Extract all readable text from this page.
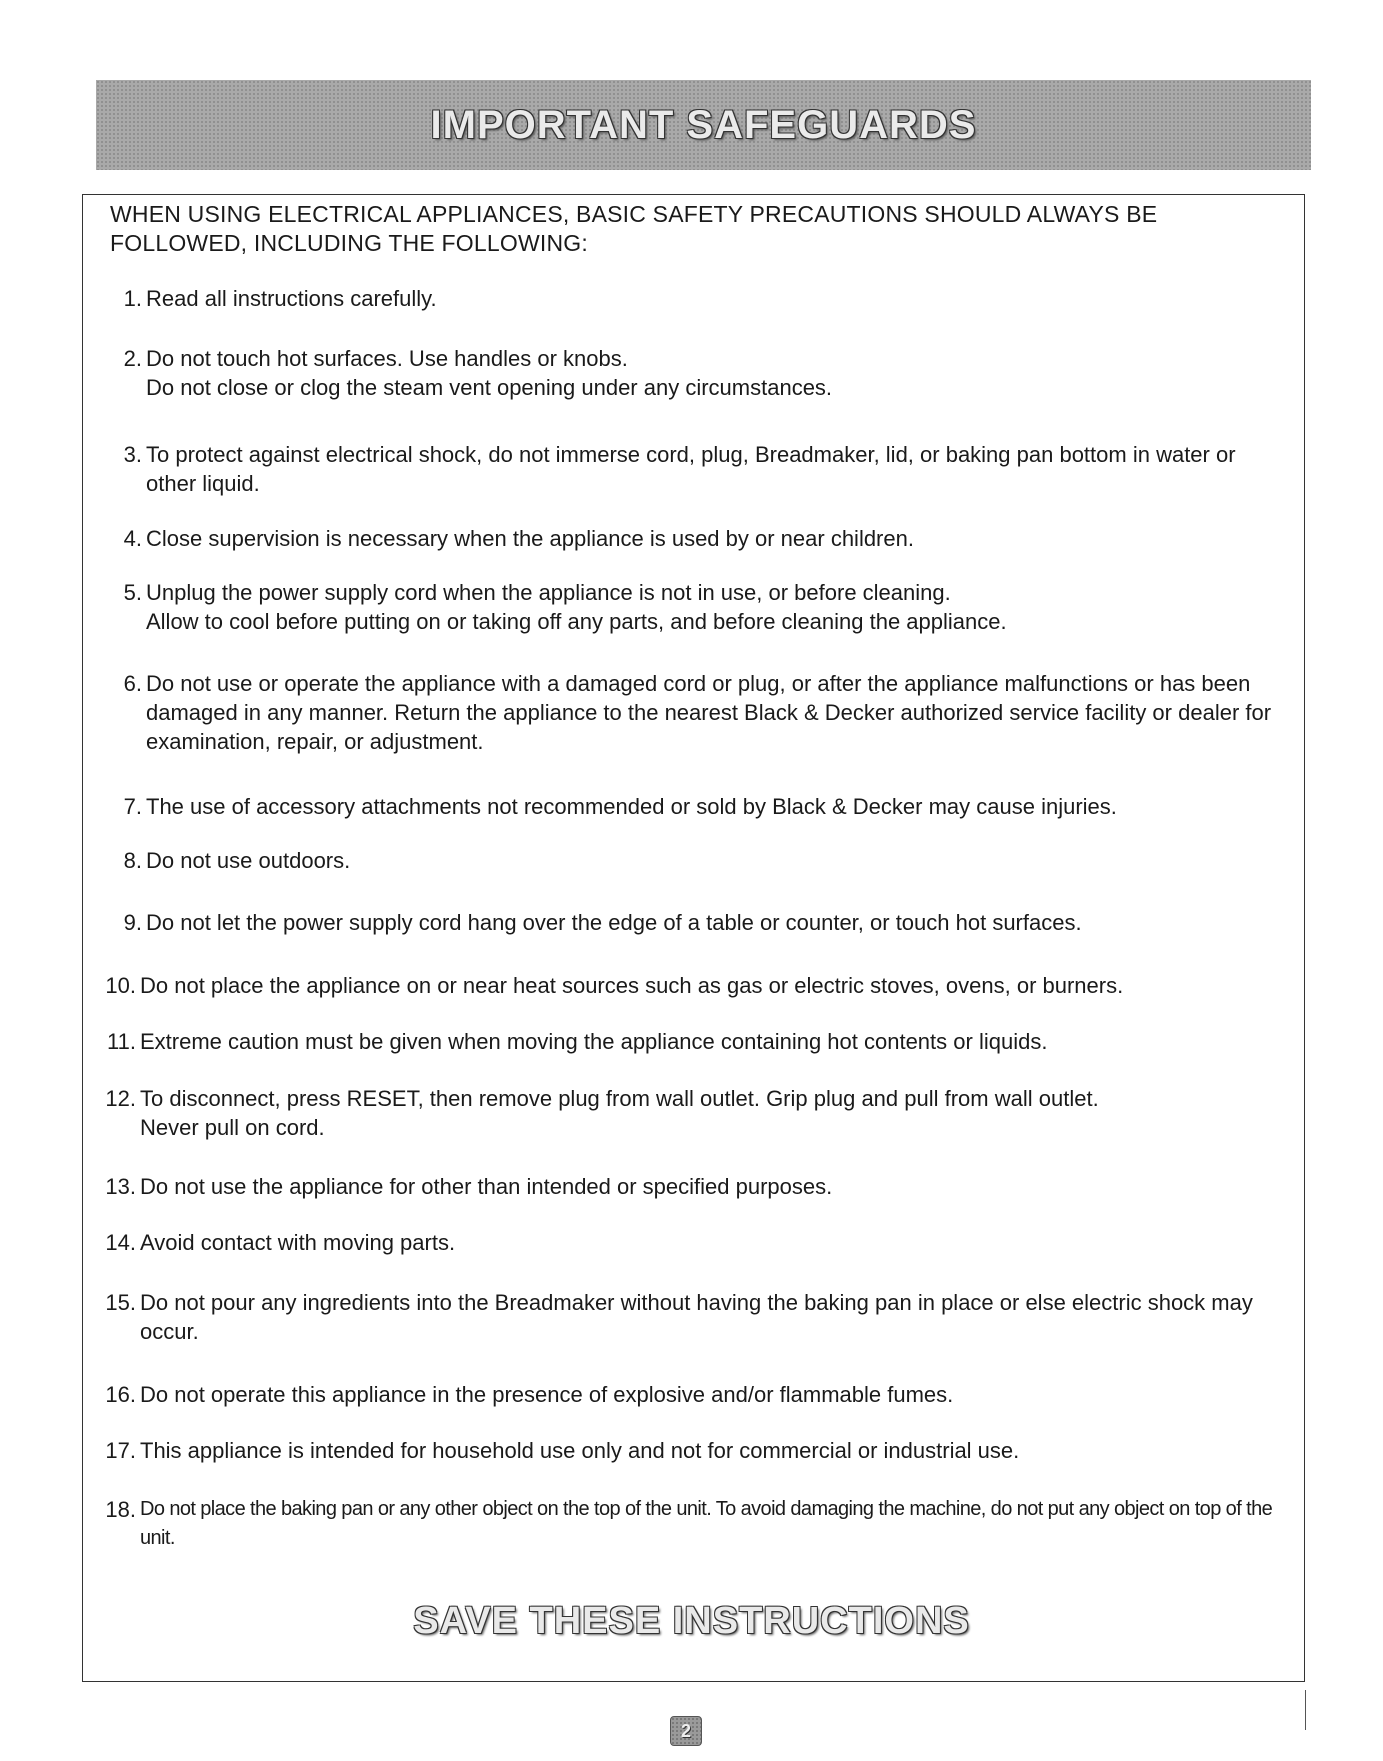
IMPORTANT SAFEGUARDS
WHEN USING ELECTRICAL APPLIANCES, BASIC SAFETY PRECAUTIONS SHOULD ALWAYS BE FOLLOWED, INCLUDING THE FOLLOWING:
1. Read all instructions carefully.
2. Do not touch hot surfaces. Use handles or knobs.
Do not close or clog the steam vent opening under any circumstances.
3. To protect against electrical shock, do not immerse cord, plug, Breadmaker, lid, or baking pan bottom in water or other liquid.
4. Close supervision is necessary when the appliance is used by or near children.
5. Unplug the power supply cord when the appliance is not in use, or before cleaning.
Allow to cool before putting on or taking off any parts, and before cleaning the appliance.
6. Do not use or operate the appliance with a damaged cord or plug, or after the appliance malfunctions or has been damaged in any manner. Return the appliance to the nearest Black & Decker authorized service facility or dealer for examination, repair, or adjustment.
7. The use of accessory attachments not recommended or sold by Black & Decker may cause injuries.
8. Do not use outdoors.
9. Do not let the power supply cord hang over the edge of a table or counter, or touch hot surfaces.
10. Do not place the appliance on or near heat sources such as gas or electric stoves, ovens, or burners.
11. Extreme caution must be given when moving the appliance containing hot contents or liquids.
12. To disconnect, press RESET, then remove plug from wall outlet. Grip plug and pull from wall outlet.
Never pull on cord.
13. Do not use the appliance for other than intended or specified purposes.
14. Avoid contact with moving parts.
15. Do not pour any ingredients into the Breadmaker without having the baking pan in place or else electric shock may occur.
16. Do not operate this appliance in the presence of explosive and/or flammable fumes.
17. This appliance is intended for household use only and not for commercial or industrial use.
18. Do not place the baking pan or any other object on the top of the unit. To avoid damaging the machine, do not put any object on top of the unit.
SAVE THESE INSTRUCTIONS
2
